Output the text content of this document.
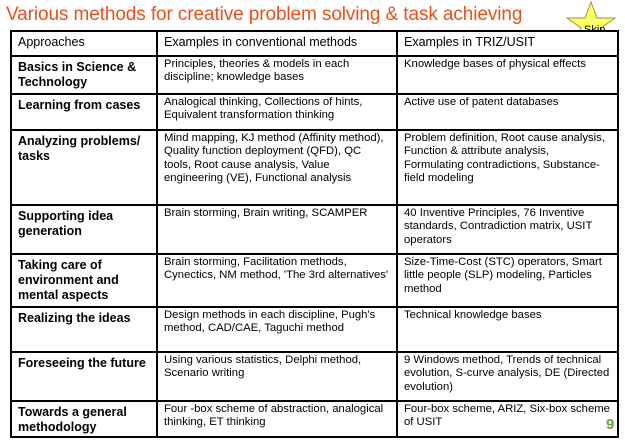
Various methods for creative problem solving & task achieving
Approaches	Examples in conventional methods	Examples in TRIZ/USIT
Basics in Science & Technology	Principles, theories & models in each discipline; knowledge bases	Knowledge bases of physical effects
Learning from cases	Analogical thinking, Collections of hints, Equivalent transformation thinking	Active use of patent databases
Analyzing problems/ tasks	Mind mapping, KJ method (Affinity method), Quality function deployment (QFD), QC tools, Root cause analysis, Value engineering (VE), Functional analysis	Problem definition, Root cause analysis, Function & attribute analysis, Formulating contradictions, Substance-field modeling
Supporting idea generation	Brain storming, Brain writing, SCAMPER	40 Inventive Principles, 76 Inventive standards, Contradiction matrix, USIT operators
Taking care of environment and mental aspects	Brain storming, Facilitation methods, Cynectics, NM method, 'The 3rd alternatives'	Size-Time-Cost (STC) operators, Smart little people (SLP) modeling, Particles method
Realizing the ideas	Design methods in each discipline, Pugh's method, CAD/CAE, Taguchi method	Technical knowledge bases
Foreseeing the future	Using various statistics, Delphi method, Scenario writing	9 Windows method, Trends of technical evolution, S-curve analysis, DE (Directed evolution)
Towards a general methodology	Four -box scheme of abstraction, analogical thinking, ET thinking	Four-box scheme, ARIZ, Six-box scheme of USIT	9
